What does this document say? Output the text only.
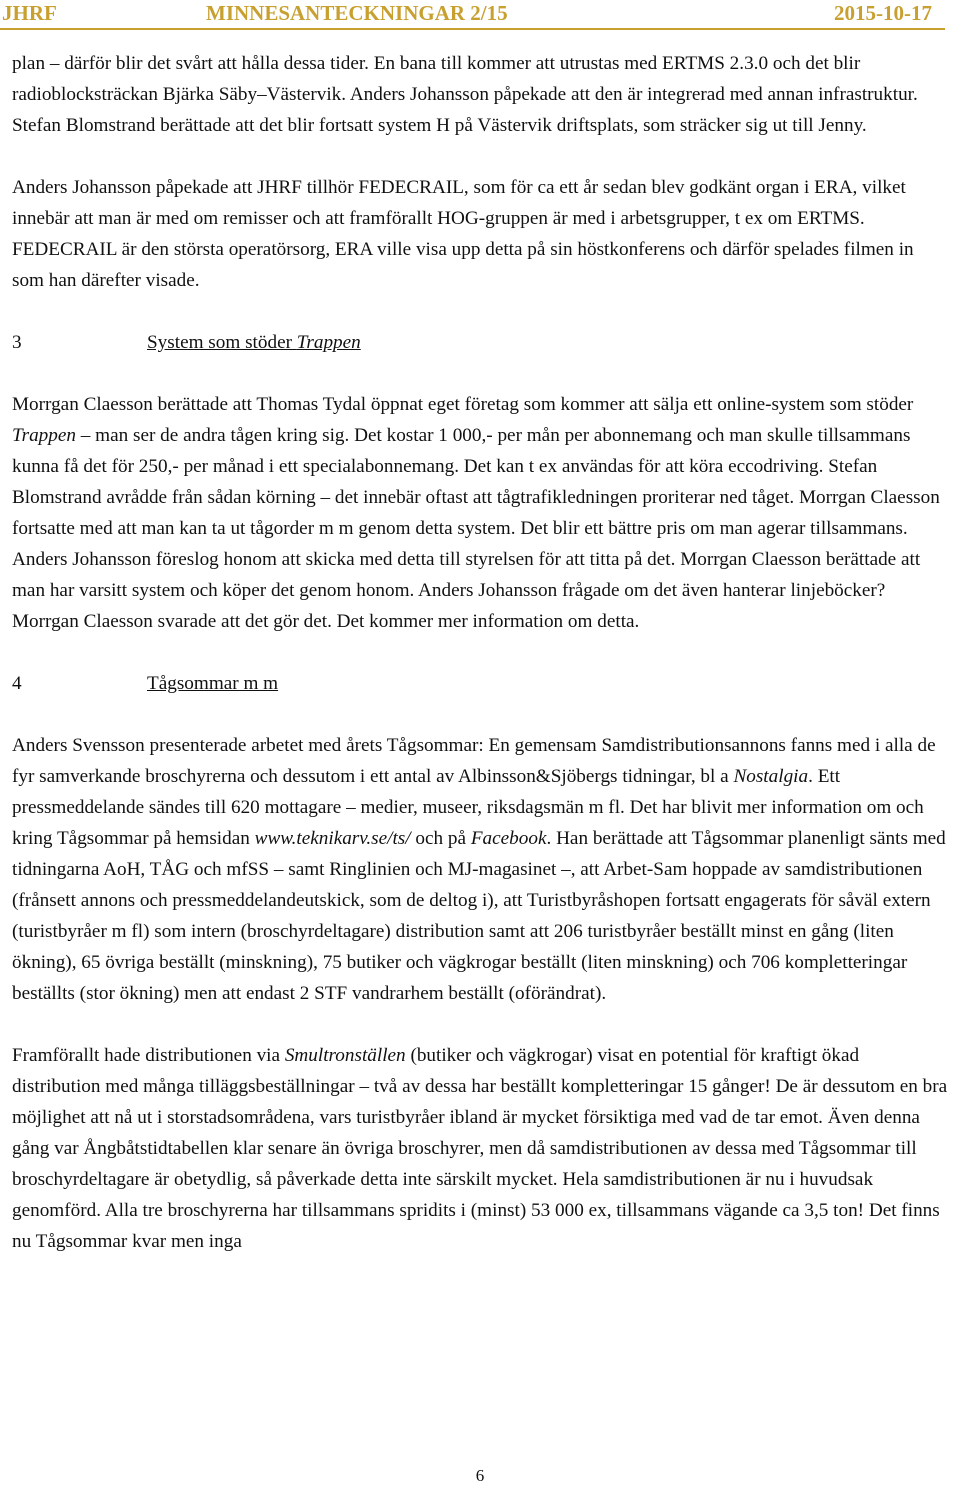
JHRF	MINNESANTECKNINGAR 2/15	2015-10-17

plan – därför blir det svårt att hålla dessa tider. En bana till kommer att utrustas med ERTMS 2.3.0 och det blir radioblocksträckan Bjärka Säby–Västervik. Anders Johansson påpekade att den är integrerad med annan infrastruktur. Stefan Blomstrand berättade att det blir fortsatt system H på Västervik driftsplats, som sträcker sig ut till Jenny.

Anders Johansson påpekade att JHRF tillhör FEDECRAIL, som för ca ett år sedan blev godkänt organ i ERA, vilket innebär att man är med om remisser och att framförallt HOG-gruppen är med i arbetsgrupper, t ex om ERTMS. FEDECRAIL är den största operatörsorg, ERA ville visa upp detta på sin höstkonferens och därför spelades filmen in som han därefter visade.

3	System som stöder Trappen

Morrgan Claesson berättade att Thomas Tydal öppnat eget företag som kommer att sälja ett online-system som stöder Trappen – man ser de andra tågen kring sig. Det kostar 1 000,- per mån per abonnemang och man skulle tillsammans kunna få det för 250,- per månad i ett specialabonnemang. Det kan t ex användas för att köra eccodriving. Stefan Blomstrand avrådde från sådan körning – det innebär oftast att tågtrafikledningen proriterar ned tåget. Morrgan Claesson fortsatte med att man kan ta ut tågorder m m genom detta system. Det blir ett bättre pris om man agerar tillsammans. Anders Johansson föreslog honom att skicka med detta till styrelsen för att titta på det. Morrgan Claesson berättade att man har varsitt system och köper det genom honom. Anders Johansson frågade om det även hanterar linjeböcker? Morrgan Claesson svarade att det gör det. Det kommer mer information om detta.

4	Tågsommar m m

Anders Svensson presenterade arbetet med årets Tågsommar: En gemensam Samdistributionsannons fanns med i alla de fyr samverkande broschyrerna och dessutom i ett antal av Albinsson&Sjöbergs tidningar, bl a Nostalgia. Ett pressmeddelande sändes till 620 mottagare – medier, museer, riksdagsmän m fl. Det har blivit mer information om och kring Tågsommar på hemsidan www.teknikarv.se/ts/ och på Facebook. Han berättade att Tågsommar planenligt sänts med tidningarna AoH, TÅG och mfSS – samt Ringlinien och MJ-magasinet –, att Arbet-Sam hoppade av samdistributionen (frånsett annons och pressmeddelandeutskick, som de deltog i), att Turistbyråshopen fortsatt engagerats för såväl extern (turistbyråer m fl) som intern (broschyrdeltagare) distribution samt att 206 turistbyråer beställt minst en gång (liten ökning), 65 övriga beställt (minskning), 75 butiker och vägkrogar beställt (liten minskning) och 706 kompletteringar beställts (stor ökning) men att endast 2 STF vandrarhem beställt (oförändrat).

Framförallt hade distributionen via Smultronställen (butiker och vägkrogar) visat en potential för kraftigt ökad distribution med många tilläggsbeställningar – två av dessa har beställt kompletteringar 15 gånger! De är dessutom en bra möjlighet att nå ut i storstadsområdena, vars turistbyråer ibland är mycket försiktiga med vad de tar emot. Även denna gång var Ångbåtstidtabellen klar senare än övriga broschyrer, men då samdistributionen av dessa med Tågsommar till broschyrdeltagare är obetydlig, så påverkade detta inte särskilt mycket. Hela samdistributionen är nu i huvudsak genomförd. Alla tre broschyrerna har tillsammans spridits i (minst) 53 000 ex, tillsammans vägande ca 3,5 ton! Det finns nu Tågsommar kvar men inga

6
